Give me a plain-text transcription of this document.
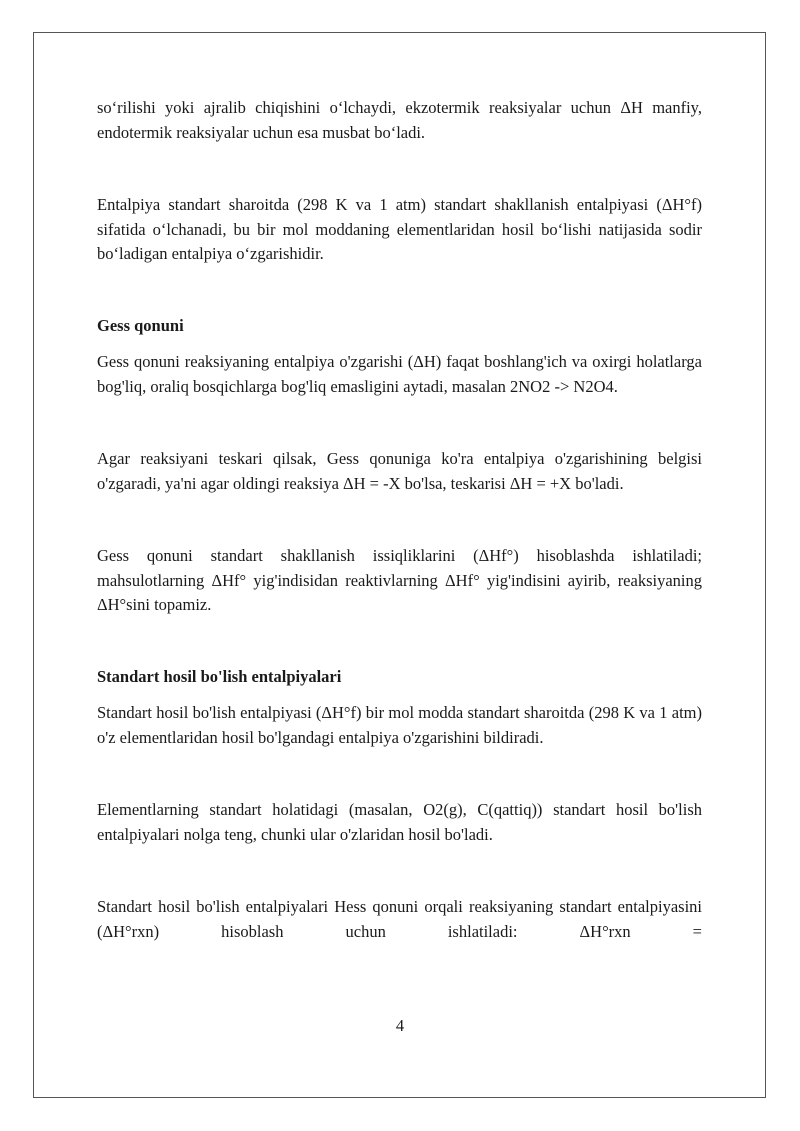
so‘rilishi yoki ajralib chiqishini o‘lchaydi, ekzotermik reaksiyalar uchun ΔH manfiy, endotermik reaksiyalar uchun esa musbat bo‘ladi.

Entalpiya standart sharoitda (298 K va 1 atm) standart shakllanish entalpiyasi (ΔH°f) sifatida o‘lchanadi, bu bir mol moddaning elementlaridan hosil bo‘lishi natijasida sodir bo‘ladigan entalpiya o‘zgarishidir.

Gess qonuni

Gess qonuni reaksiyaning entalpiya o'zgarishi (ΔH) faqat boshlang'ich va oxirgi holatlarga bog'liq, oraliq bosqichlarga bog'liq emasligini aytadi, masalan 2NO2 -> N2O4.

Agar reaksiyani teskari qilsak, Gess qonuniga ko'ra entalpiya o'zgarishining belgisi o'zgaradi, ya'ni agar oldingi reaksiya ΔH = -X bo'lsa, teskarisi ΔH = +X bo'ladi.

Gess qonuni standart shakllanish issiqliklarini (ΔHf°) hisoblashda ishlatiladi; mahsulotlarning ΔHf° yig'indisidan reaktivlarning ΔHf° yig'indisini ayirib, reaksiyaning ΔH°sini topamiz.

Standart hosil bo'lish entalpiyalari

Standart hosil bo'lish entalpiyasi (ΔH°f) bir mol modda standart sharoitda (298 K va 1 atm) o'z elementlaridan hosil bo'lgandagi entalpiya o'zgarishini bildiradi.

Elementlarning standart holatidagi (masalan, O2(g), C(qattiq)) standart hosil bo'lish entalpiyalari nolga teng, chunki ular o'zlaridan hosil bo'ladi.

Standart hosil bo'lish entalpiyalari Hess qonuni orqali reaksiyaning standart entalpiyasini (ΔH°rxn) hisoblash uchun ishlatiladi: ΔH°rxn =

4
